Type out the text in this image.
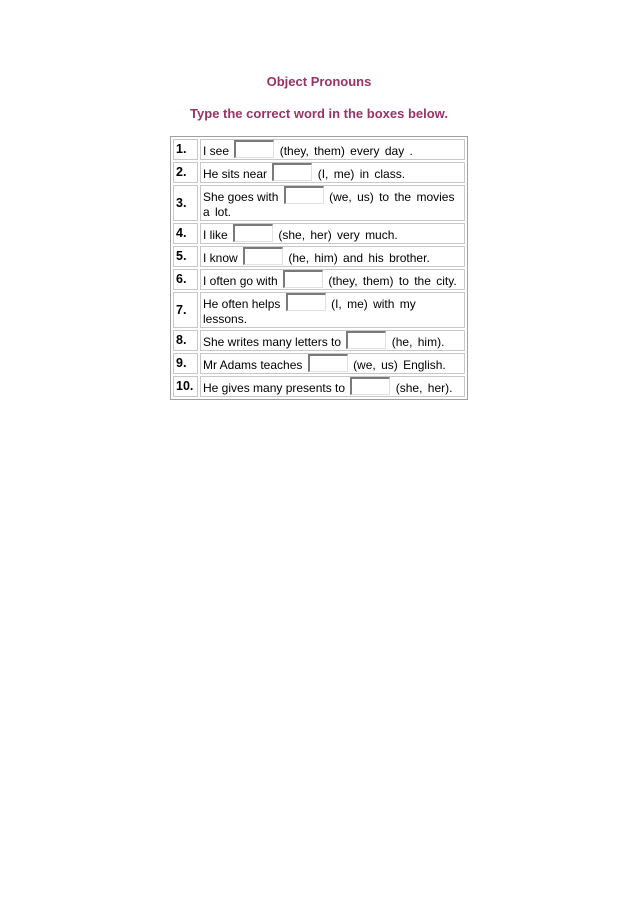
Object Pronouns
Type the correct word in the boxes below.
1.	I see (they, them) every day .
2.	He sits near (I, me) in class.
3.	She goes with (we, us) to the movies a lot.
4.	I like (she, her) very much.
5.	I know (he, him) and his brother.
6.	I often go with (they, them) to the city.
7.	He often helps (I, me) with my lessons.
8.	She writes many letters to (he, him).
9.	Mr Adams teaches (we, us) English.
10.	He gives many presents to (she, her).
